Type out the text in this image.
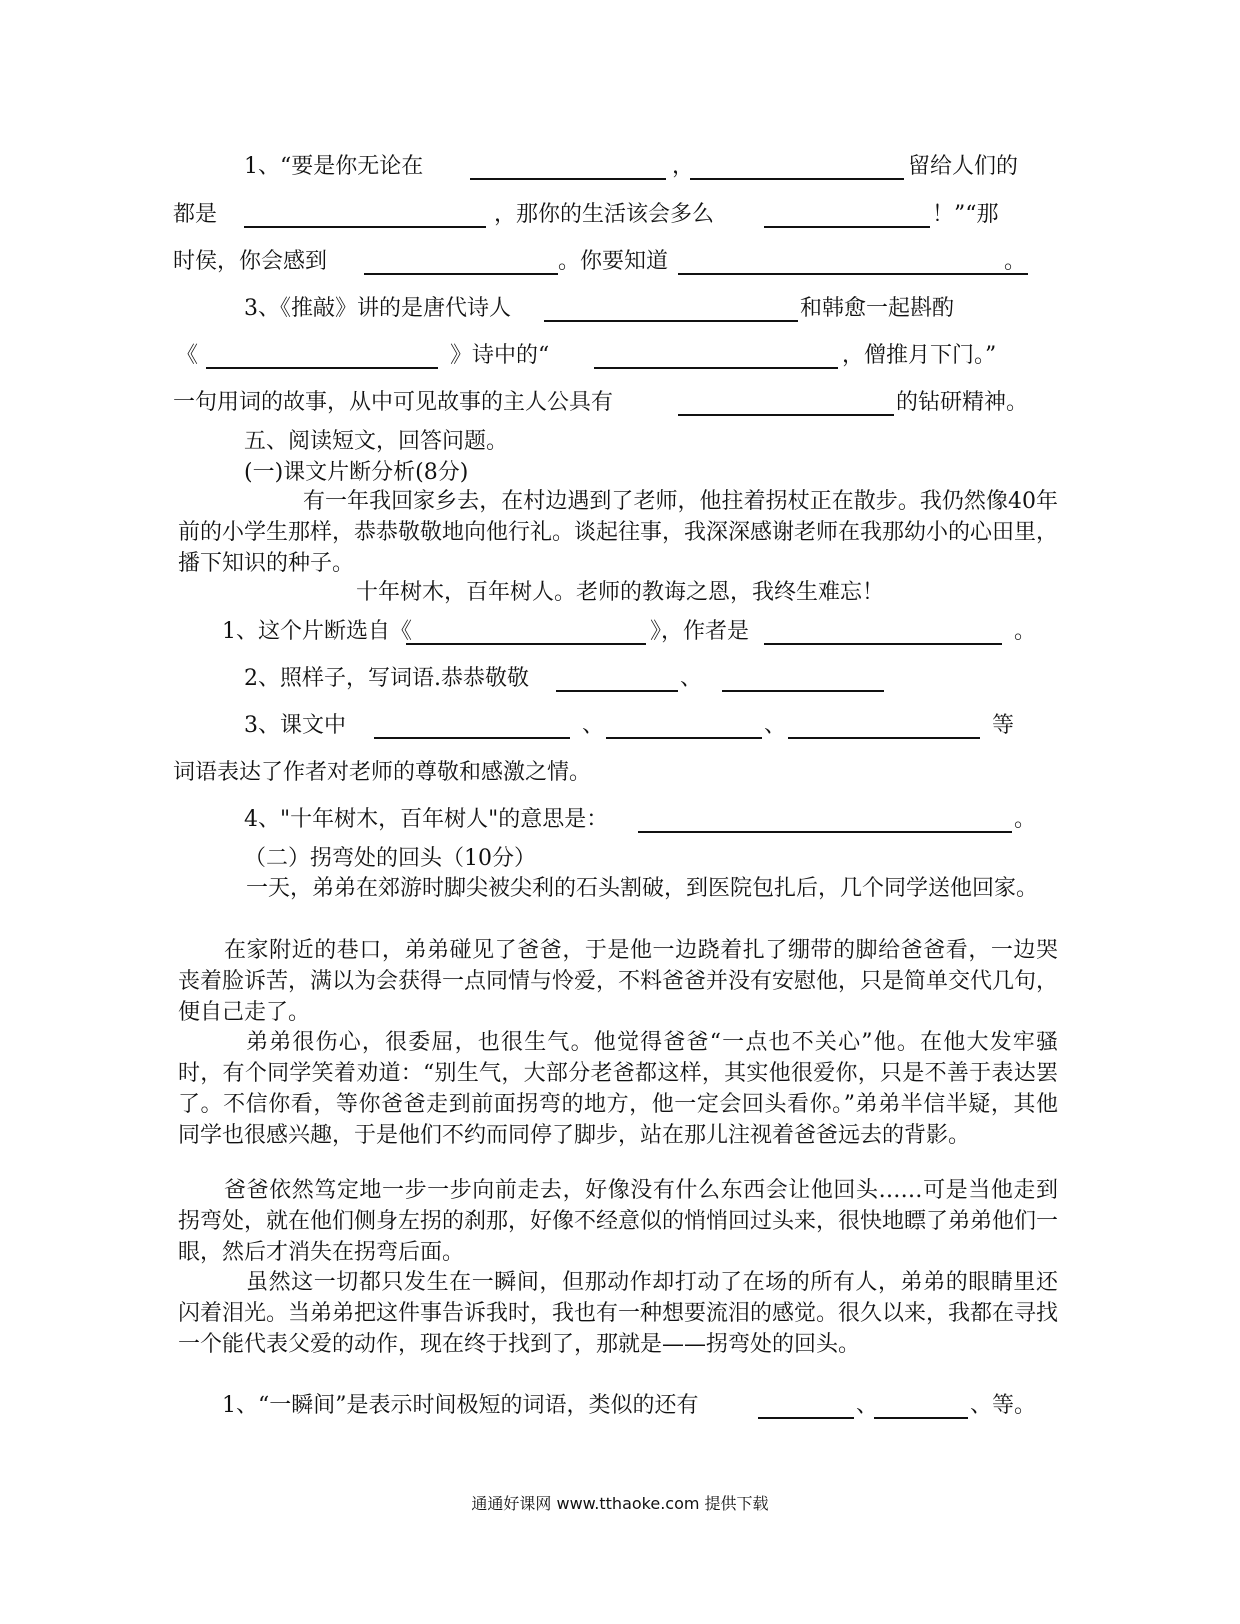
1、“要是你无论在	，	留给人们的
都是	，那你的生活该会多么	！”“那
时侯，你会感到	。你要知道	。
3、《推敲》讲的是唐代诗人	和韩愈一起斟酌
《	》诗中的“	，僧推月下门。”
一句用词的故事，从中可见故事的主人公具有	的钻研精神。
五、阅读短文，回答问题。
(一)课文片断分析(8分)
有一年我回家乡去，在村边遇到了老师，他拄着拐杖正在散步。我仍然像40年前的小学生那样，恭恭敬敬地向他行礼。谈起往事，我深深感谢老师在我那幼小的心田里，播下知识的种子。
十年树木，百年树人。老师的教诲之恩，我终生难忘！
1、这个片断选自《	》，作者是	。
2、照样子，写词语.恭恭敬敬	、
3、课文中	、	、	等
词语表达了作者对老师的尊敬和感激之情。
4、"十年树木，百年树人"的意思是：	。
（二）拐弯处的回头（10分）
一天，弟弟在郊游时脚尖被尖利的石头割破，到医院包扎后，几个同学送他回家。
在家附近的巷口，弟弟碰见了爸爸，于是他一边跷着扎了绷带的脚给爸爸看，一边哭丧着脸诉苦，满以为会获得一点同情与怜爱，不料爸爸并没有安慰他，只是简单交代几句，便自己走了。
弟弟很伤心，很委屈，也很生气。他觉得爸爸“一点也不关心”他。在他大发牢骚时，有个同学笑着劝道：“别生气，大部分老爸都这样，其实他很爱你，只是不善于表达罢了。不信你看，等你爸爸走到前面拐弯的地方，他一定会回头看你。”弟弟半信半疑，其他同学也很感兴趣，于是他们不约而同停了脚步，站在那儿注视着爸爸远去的背影。
爸爸依然笃定地一步一步向前走去，好像没有什么东西会让他回头……可是当他走到拐弯处，就在他们侧身左拐的刹那，好像不经意似的悄悄回过头来，很快地瞟了弟弟他们一眼，然后才消失在拐弯后面。
虽然这一切都只发生在一瞬间，但那动作却打动了在场的所有人，弟弟的眼睛里还闪着泪光。当弟弟把这件事告诉我时，我也有一种想要流泪的感觉。很久以来，我都在寻找一个能代表父爱的动作，现在终于找到了，那就是——拐弯处的回头。
1、“一瞬间”是表示时间极短的词语，类似的还有	、	、等。
通通好课网 www.tthaoke.com 提供下载
